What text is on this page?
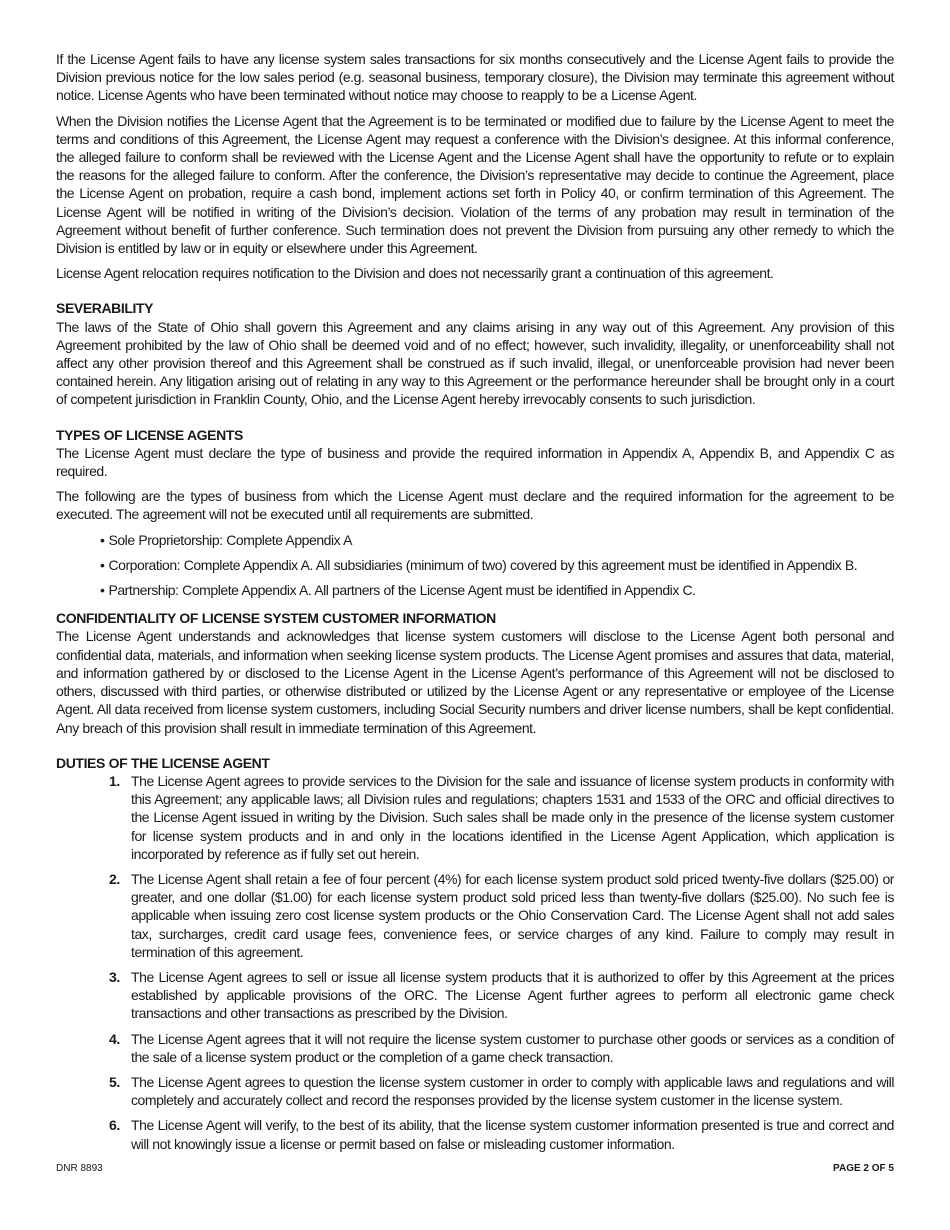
If the License Agent fails to have any license system sales transactions for six months consecutively and the License Agent fails to provide the Division previous notice for the low sales period (e.g. seasonal business, temporary closure), the Division may terminate this agreement without notice. License Agents who have been terminated without notice may choose to reapply to be a License Agent.

When the Division notifies the License Agent that the Agreement is to be terminated or modified due to failure by the License Agent to meet the terms and conditions of this Agreement, the License Agent may request a conference with the Division’s designee. At this informal conference, the alleged failure to conform shall be reviewed with the License Agent and the License Agent shall have the opportunity to refute or to explain the reasons for the alleged failure to conform. After the conference, the Division’s representative may decide to continue the Agreement, place the License Agent on probation, require a cash bond, implement actions set forth in Policy 40, or confirm termination of this Agreement. The License Agent will be notified in writing of the Division’s decision. Violation of the terms of any probation may result in termination of the Agreement without benefit of further conference. Such termination does not prevent the Division from pursuing any other remedy to which the Division is entitled by law or in equity or elsewhere under this Agreement.

License Agent relocation requires notification to the Division and does not necessarily grant a continuation of this agreement.

SEVERABILITY

The laws of the State of Ohio shall govern this Agreement and any claims arising in any way out of this Agreement. Any provision of this Agreement prohibited by the law of Ohio shall be deemed void and of no effect; however, such invalidity, illegality, or unenforceability shall not affect any other provision thereof and this Agreement shall be construed as if such invalid, illegal, or unenforceable provision had never been contained herein. Any litigation arising out of relating in any way to this Agreement or the performance hereunder shall be brought only in a court of competent jurisdiction in Franklin County, Ohio, and the License Agent hereby irrevocably consents to such jurisdiction.

TYPES OF LICENSE AGENTS

The License Agent must declare the type of business and provide the required information in Appendix A, Appendix B, and Appendix C as required.

The following are the types of business from which the License Agent must declare and the required information for the agreement to be executed. The agreement will not be executed until all requirements are submitted.

• Sole Proprietorship: Complete Appendix A
• Corporation: Complete Appendix A. All subsidiaries (minimum of two) covered by this agreement must be identified in Appendix B.
• Partnership: Complete Appendix A. All partners of the License Agent must be identified in Appendix C.
CONFIDENTIALITY OF LICENSE SYSTEM CUSTOMER INFORMATION

The License Agent understands and acknowledges that license system customers will disclose to the License Agent both personal and confidential data, materials, and information when seeking license system products. The License Agent promises and assures that data, material, and information gathered by or disclosed to the License Agent in the License Agent’s performance of this Agreement will not be disclosed to others, discussed with third parties, or otherwise distributed or utilized by the License Agent or any representative or employee of the License Agent. All data received from license system customers, including Social Security numbers and driver license numbers, shall be kept confidential. Any breach of this provision shall result in immediate termination of this Agreement.

DUTIES OF THE LICENSE AGENT
1. The License Agent agrees to provide services to the Division for the sale and issuance of license system products in conformity with this Agreement; any applicable laws; all Division rules and regulations; chapters 1531 and 1533 of the ORC and official directives to the License Agent issued in writing by the Division. Such sales shall be made only in the presence of the license system customer for license system products and in and only in the locations identified in the License Agent Application, which application is incorporated by reference as if fully set out herein.
2. The License Agent shall retain a fee of four percent (4%) for each license system product sold priced twenty-five dollars ($25.00) or greater, and one dollar ($1.00) for each license system product sold priced less than twenty-five dollars ($25.00). No such fee is applicable when issuing zero cost license system products or the Ohio Conservation Card. The License Agent shall not add sales tax, surcharges, credit card usage fees, convenience fees, or service charges of any kind. Failure to comply may result in termination of this agreement.
3. The License Agent agrees to sell or issue all license system products that it is authorized to offer by this Agreement at the prices established by applicable provisions of the ORC. The License Agent further agrees to perform all electronic game check transactions and other transactions as prescribed by the Division.
4. The License Agent agrees that it will not require the license system customer to purchase other goods or services as a condition of the sale of a license system product or the completion of a game check transaction.
5. The License Agent agrees to question the license system customer in order to comply with applicable laws and regulations and will completely and accurately collect and record the responses provided by the license system customer in the license system.
6. The License Agent will verify, to the best of its ability, that the license system customer information presented is true and correct and will not knowingly issue a license or permit based on false or misleading customer information.
DNR 8893	PAGE 2 OF 5
